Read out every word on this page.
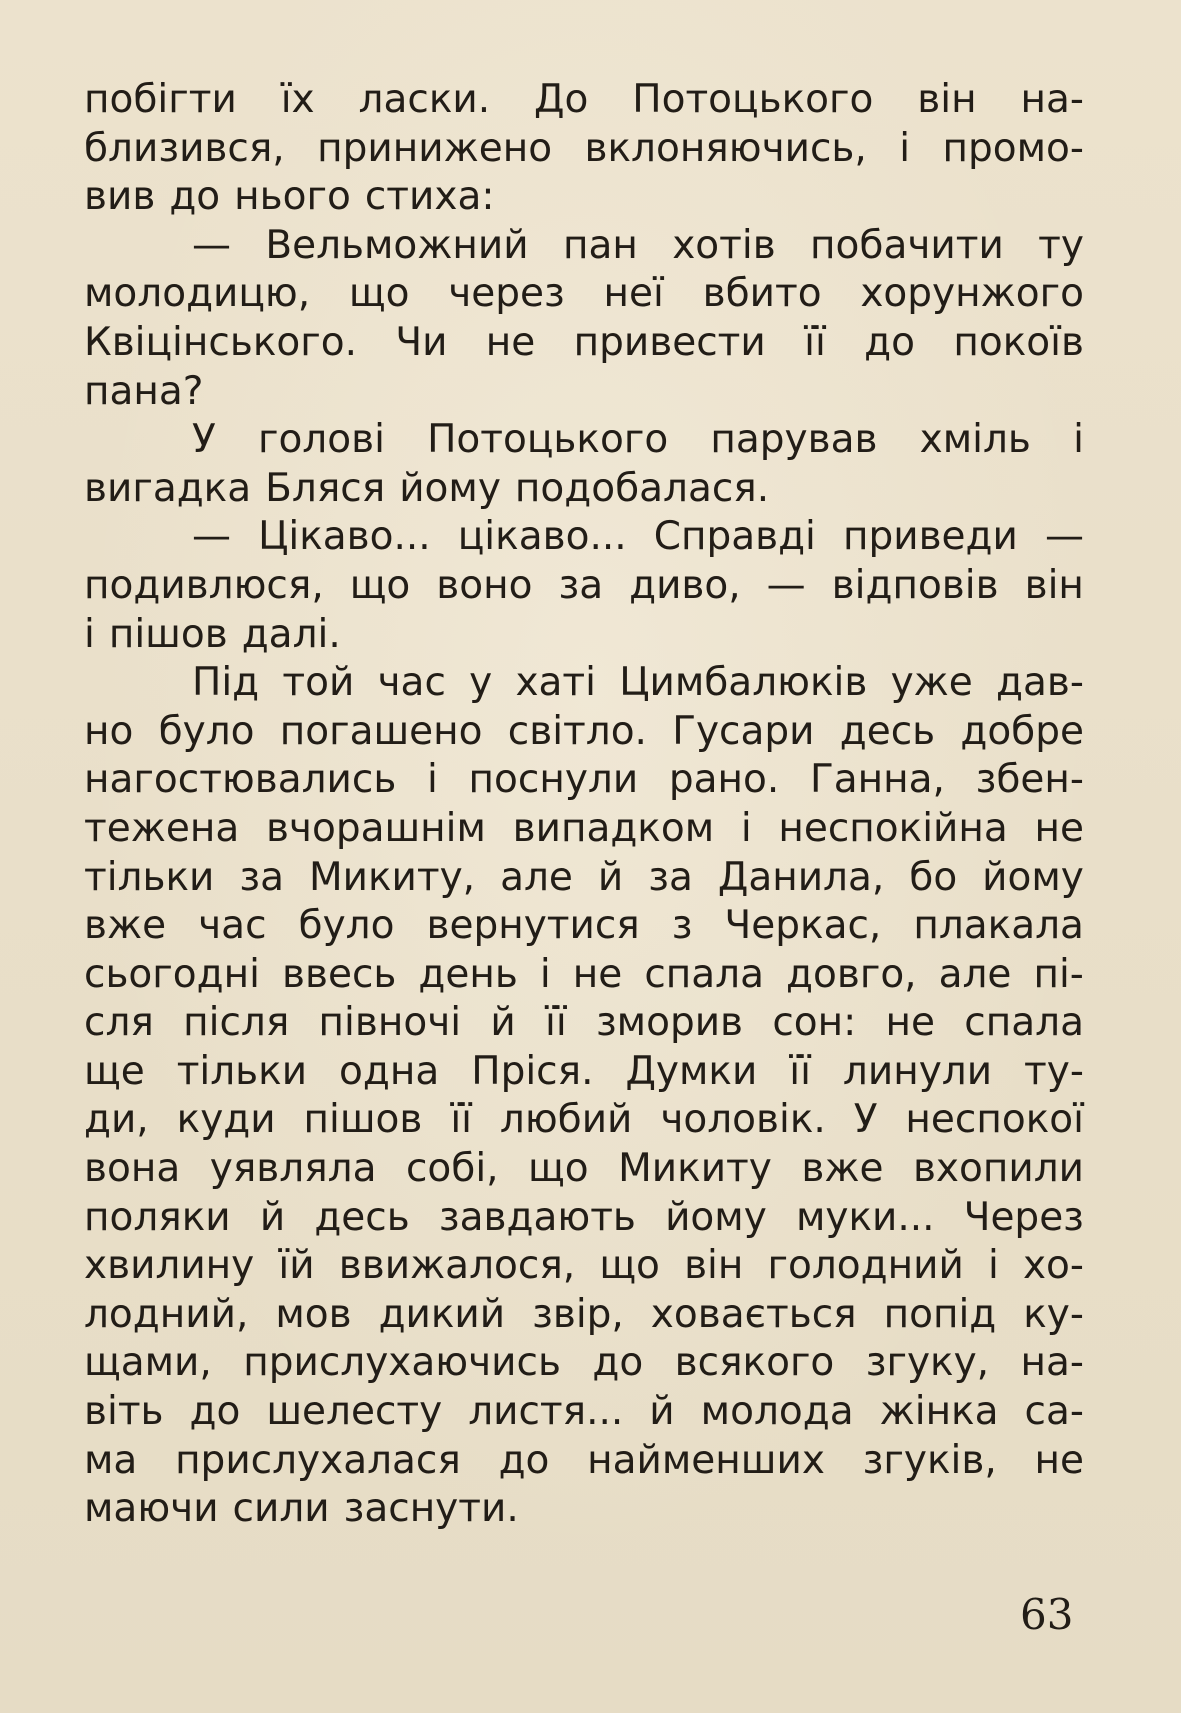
побігти їх ласки. До Потоцького він на-
близився, принижено вклоняючись, і промо-
вив до нього стиха:
— Вельможний пан хотів побачити ту
молодицю, що через неї вбито хорунжого
Квіцінського. Чи не привести її до покоїв
пана?
У голові Потоцького парував хміль і
вигадка Бляся йому подобалася.
— Цікаво... цікаво... Справді приведи —
подивлюся, що воно за диво, — відповів він
і пішов далі.
Під той час у хаті Цимбалюків уже дав-
но було погашено світло. Гусари десь добре
нагостювались і поснули рано. Ганна, збен-
тежена вчорашнім випадком і неспокійна не
тільки за Микиту, але й за Данила, бо йому
вже час було вернутися з Черкас, плакала
сьогодні ввесь день і не спала довго, але пі-
сля після півночі й її зморив сон: не спала
ще тільки одна Пріся. Думки її линули ту-
ди, куди пішов її любий чоловік. У неспокої
вона уявляла собі, що Микиту вже вхопили
поляки й десь завдають йому муки... Через
хвилину їй ввижалося, що він голодний і хо-
лодний, мов дикий звір, ховається попід ку-
щами, прислухаючись до всякого згуку, на-
віть до шелесту листя... й молода жінка са-
ма прислухалася до найменших згуків, не
маючи сили заснути.
63
